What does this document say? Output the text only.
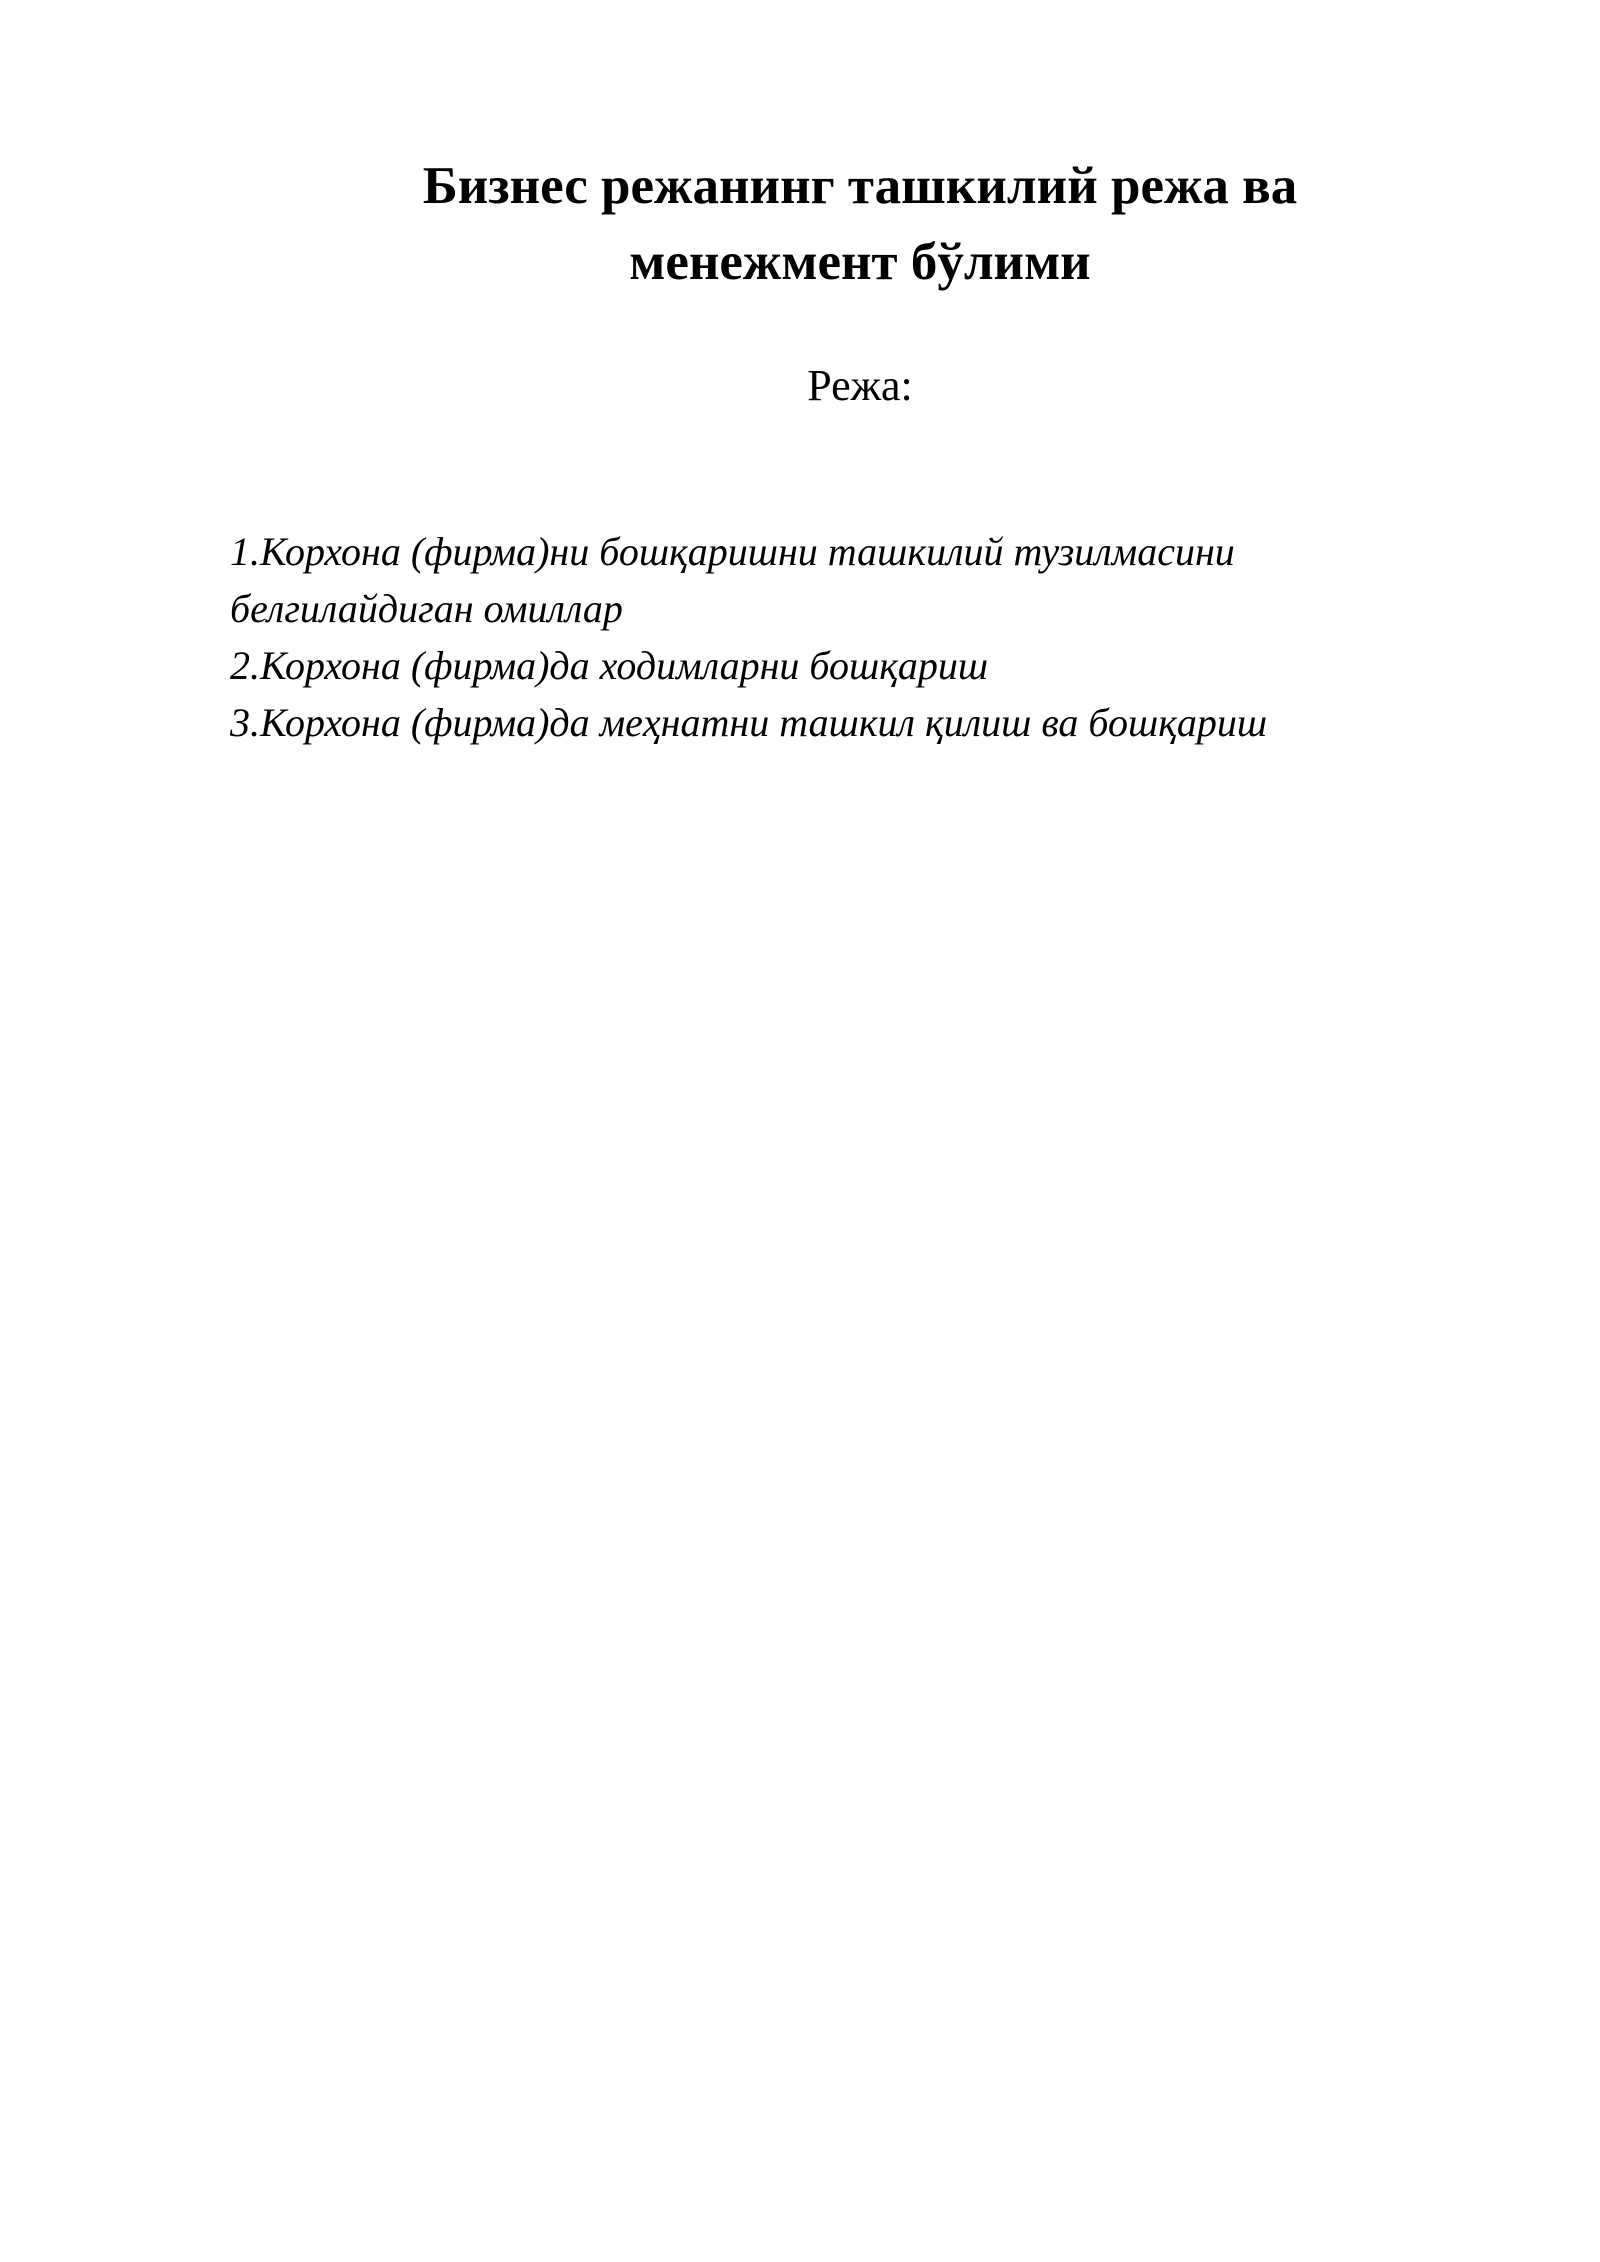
Бизнес режанинг ташкилий режа ва
менежмент бўлими
Режа:
1.Корхона (фирма)ни бошқаришни ташкилий тузилмасини белгилайдиган омиллар
2.Корхона (фирма)да ходимларни бошқариш
3.Корхона (фирма)да меҳнатни ташкил қилиш ва бошқариш
